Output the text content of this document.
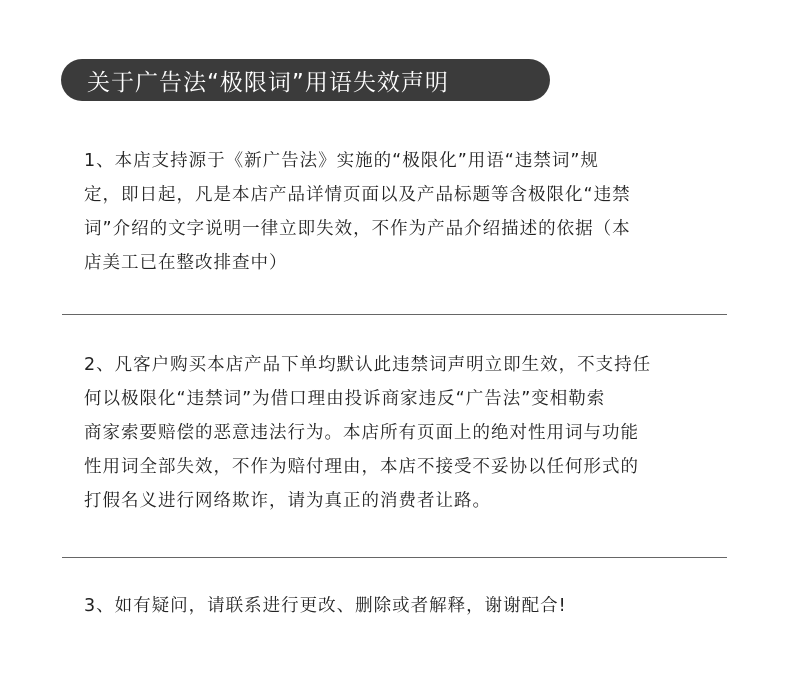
关于广告法“极限词”用语失效声明

1、本店支持源于《新广告法》实施的“极限化”用语“违禁词”规

定，即日起，凡是本店产品详情页面以及产品标题等含极限化“违禁

词”介绍的文字说明一律立即失效，不作为产品介绍描述的依据（本

店美工已在整改排查中）

2、凡客户购买本店产品下单均默认此违禁词声明立即生效，不支持任

何以极限化“违禁词”为借口理由投诉商家违反“广告法”变相勒索

商家索要赔偿的恶意违法行为。本店所有页面上的绝对性用词与功能

性用词全部失效，不作为赔付理由，本店不接受不妥协以任何形式的

打假名义进行网络欺诈，请为真正的消费者让路。

3、如有疑问，请联系进行更改、删除或者解释，谢谢配合!
